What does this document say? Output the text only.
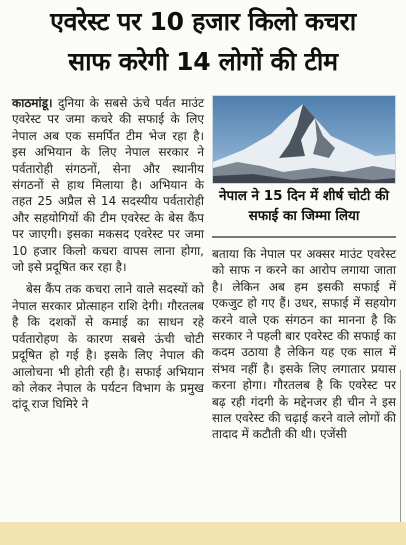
एवरेस्ट पर 10 हजार किलो कचरा
साफ करेगी 14 लोगों की टीम

काठमांडू। दुनिया के सबसे ऊंचे पर्वत माउंट एवरेस्ट पर जमा कचरे की सफाई के लिए नेपाल अब एक समर्पित टीम भेज रहा है। इस अभियान के लिए नेपाल सरकार ने पर्वतारोही संगठनों, सेना और स्थानीय संगठनों से हाथ मिलाया है। अभियान के तहत 25 अप्रैल से 14 सदस्यीय पर्वतारोही और सहयोगियों की टीम एवरेस्ट के बेस कैंप पर जाएगी। इसका मकसद एवरेस्ट पर जमा 10 हजार किलो कचरा वापस लाना होगा, जो इसे प्रदूषित कर रहा है।

बेस कैंप तक कचरा लाने वाले सदस्यों को नेपाल सरकार प्रोत्साहन राशि देगी। गौरतलब है कि दशकों से कमाई का साधन रहे पर्वतारोहण के कारण सबसे ऊंची चोटी प्रदूषित हो गई है। इसके लिए नेपाल की आलोचना भी होती रही है। सफाई अभियान को लेकर नेपाल के पर्यटन विभाग के प्रमुख दांदू राज घिमिरे ने

नेपाल ने 15 दिन में शीर्ष चोटी की सफाई का जिम्मा लिया

बताया कि नेपाल पर अक्सर माउंट एवरेस्ट को साफ न करने का आरोप लगाया जाता है। लेकिन अब हम इसकी सफाई में एकजुट हो गए हैं। उधर, सफाई में सहयोग करने वाले एक संगठन का मानना है कि सरकार ने पहली बार एवरेस्ट की सफाई का कदम उठाया है लेकिन यह एक साल में संभव नहीं है। इसके लिए लगातार प्रयास करना होगा। गौरतलब है कि एवरेस्ट पर बढ़ रही गंदगी के मद्देनजर ही चीन ने इस साल एवरेस्ट की चढ़ाई करने वाले लोगों की तादाद में कटौती की थी। एजेंसी
